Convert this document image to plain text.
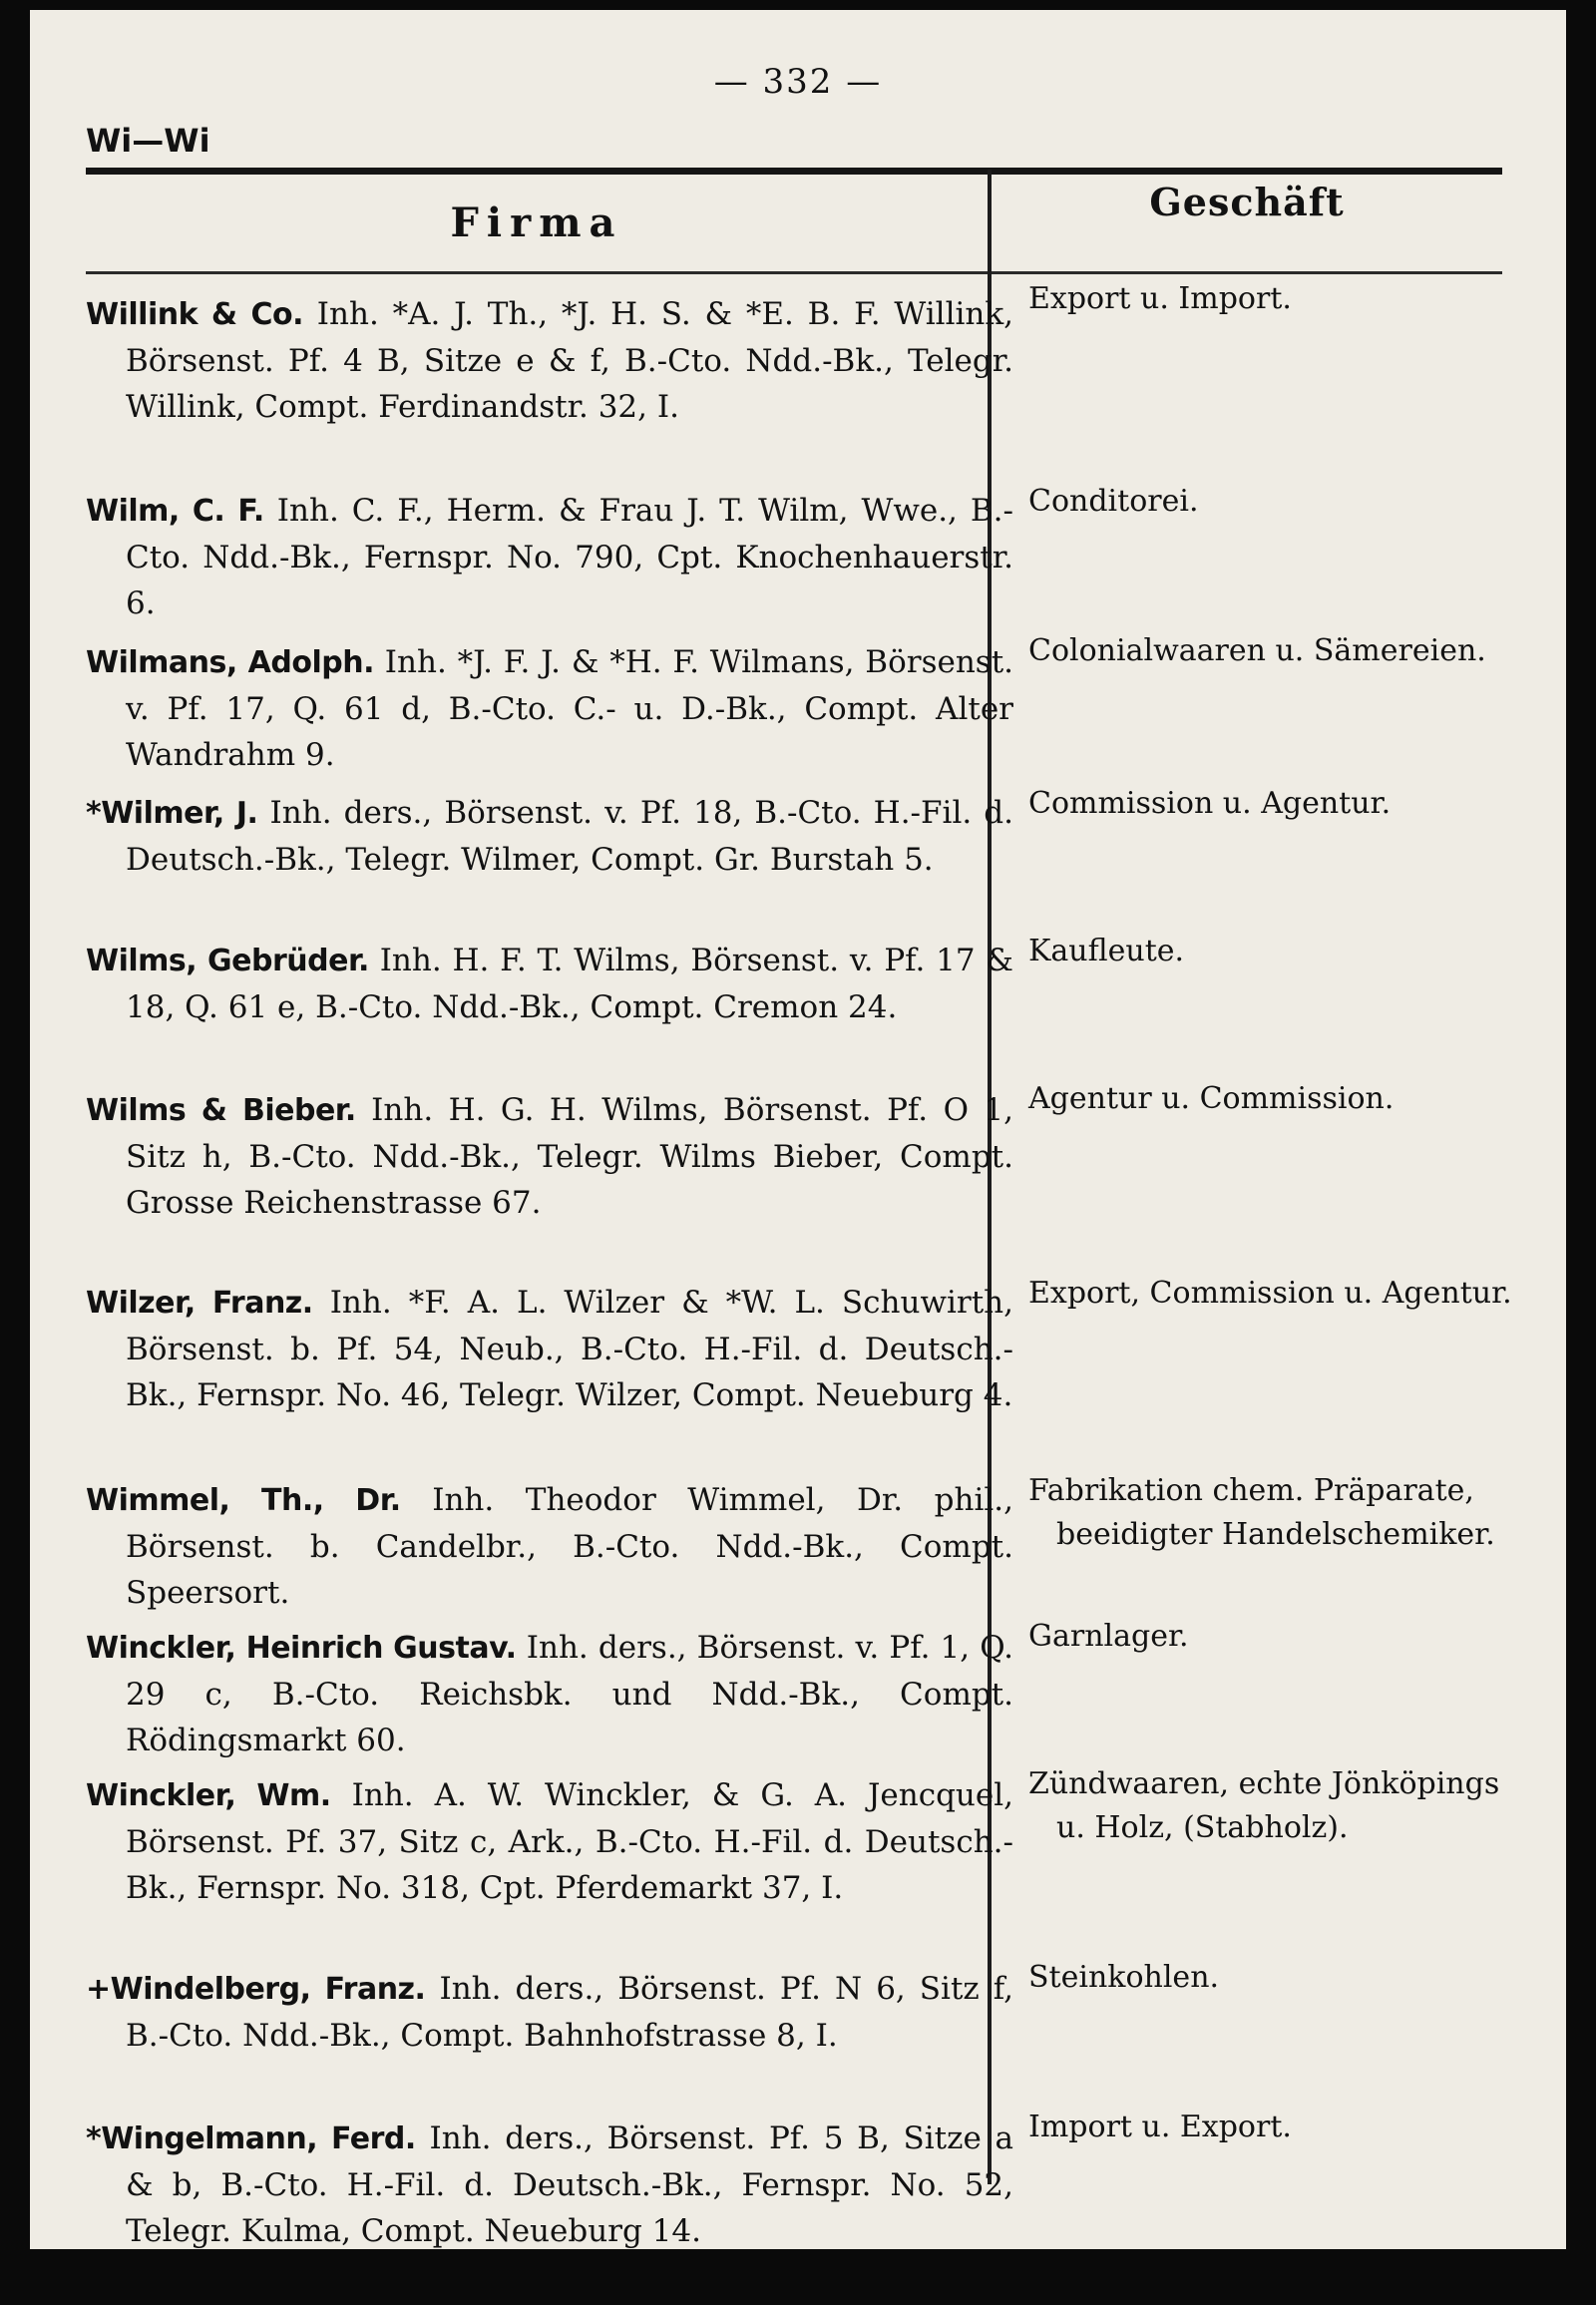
— 332 —
Wi—Wi
Firma	Geschäft
Willink & Co. Inh. *A. J. Th., *J. H. S. & *E. B. F. Willink, Börsenst. Pf. 4 B, Sitze e & f, B.-Cto. Ndd.-Bk., Telegr. Willink, Compt. Ferdinandstr. 32, I.
Export u. Import.
Wilm, C. F. Inh. C. F., Herm. & Frau J. T. Wilm, Wwe., B.-Cto. Ndd.-Bk., Fernspr. No. 790, Cpt. Knochenhauerstr. 6.
Conditorei.
Wilmans, Adolph. Inh. *J. F. J. & *H. F. Wilmans, Börsenst. v. Pf. 17, Q. 61 d, B.-Cto. C.- u. D.-Bk., Compt. Alter Wandrahm 9.
Colonialwaaren u. Sämereien.
*Wilmer, J. Inh. ders., Börsenst. v. Pf. 18, B.-Cto. H.-Fil. d. Deutsch.-Bk., Telegr. Wilmer, Compt. Gr. Burstah 5.
Commission u. Agentur.
Wilms, Gebrüder. Inh. H. F. T. Wilms, Börsenst. v. Pf. 17 & 18, Q. 61 e, B.-Cto. Ndd.-Bk., Compt. Cremon 24.
Kaufleute.
Wilms & Bieber. Inh. H. G. H. Wilms, Börsenst. Pf. O 1, Sitz h, B.-Cto. Ndd.-Bk., Telegr. Wilms Bieber, Compt. Grosse Reichenstrasse 67.
Agentur u. Commission.
Wilzer, Franz. Inh. *F. A. L. Wilzer & *W. L. Schuwirth, Börsenst. b. Pf. 54, Neub., B.-Cto. H.-Fil. d. Deutsch.-Bk., Fernspr. No. 46, Telegr. Wilzer, Compt. Neueburg 4.
Export, Commission u. Agentur.
Wimmel, Th., Dr. Inh. Theodor Wimmel, Dr. phil., Börsenst. b. Candelbr., B.-Cto. Ndd.-Bk., Compt. Speersort.
Fabrikation chem. Präparate, beeidigter Handelschemiker.
Winckler, Heinrich Gustav. Inh. ders., Börsenst. v. Pf. 1, Q. 29 c, B.-Cto. Reichsbk. und Ndd.-Bk., Compt. Rödingsmarkt 60.
Garnlager.
Winckler, Wm. Inh. A. W. Winckler, & G. A. Jencquel, Börsenst. Pf. 37, Sitz c, Ark., B.-Cto. H.-Fil. d. Deutsch.-Bk., Fernspr. No. 318, Cpt. Pferdemarkt 37, I.
Zündwaaren, echte Jönköpings u. Holz, (Stabholz).
+Windelberg, Franz. Inh. ders., Börsenst. Pf. N 6, Sitz f, B.-Cto. Ndd.-Bk., Compt. Bahnhofstrasse 8, I.
Steinkohlen.
*Wingelmann, Ferd. Inh. ders., Börsenst. Pf. 5 B, Sitze a & b, B.-Cto. H.-Fil. d. Deutsch.-Bk., Fernspr. No. 52, Telegr. Kulma, Compt. Neueburg 14.
Import u. Export.
